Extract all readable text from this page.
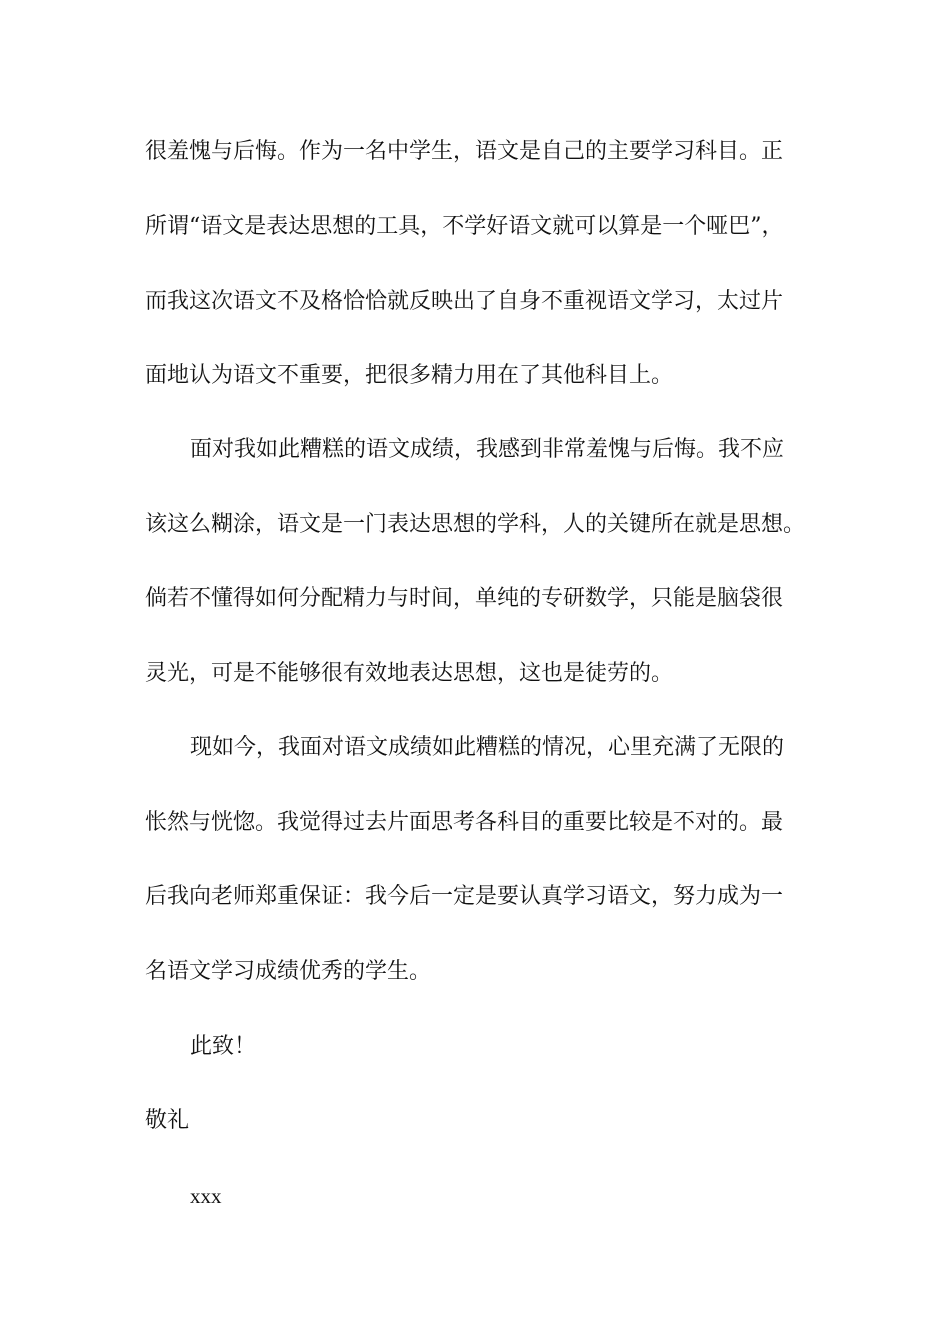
很羞愧与后悔。作为一名中学生，语文是自己的主要学习科目。正
所谓“语文是表达思想的工具，不学好语文就可以算是一个哑巴”，
而我这次语文不及格恰恰就反映出了自身不重视语文学习，太过片
面地认为语文不重要，把很多精力用在了其他科目上。
面对我如此糟糕的语文成绩，我感到非常羞愧与后悔。我不应
该这么糊涂，语文是一门表达思想的学科，人的关键所在就是思想。
倘若不懂得如何分配精力与时间，单纯的专研数学，只能是脑袋很
灵光，可是不能够很有效地表达思想，这也是徒劳的。
现如今，我面对语文成绩如此糟糕的情况，心里充满了无限的
怅然与恍惚。我觉得过去片面思考各科目的重要比较是不对的。最
后我向老师郑重保证：我今后一定是要认真学习语文，努力成为一
名语文学习成绩优秀的学生。
此致！
敬礼
xxx
